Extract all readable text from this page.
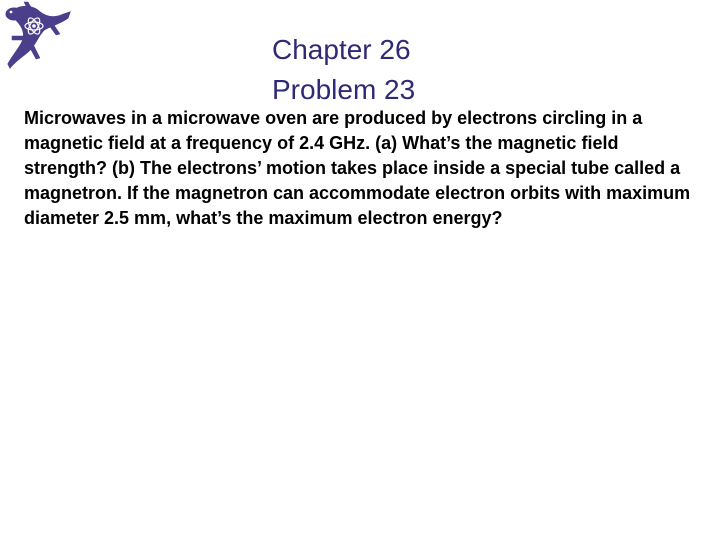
Chapter 26
Problem 23

Microwaves in a microwave oven are produced by electrons circling in a magnetic field at a frequency of 2.4 GHz. (a) What’s the magnetic field strength? (b) The electrons’ motion takes place inside a special tube called a magnetron. If the magnetron can accommodate electron orbits with maximum diameter 2.5 mm, what’s the maximum electron energy?
